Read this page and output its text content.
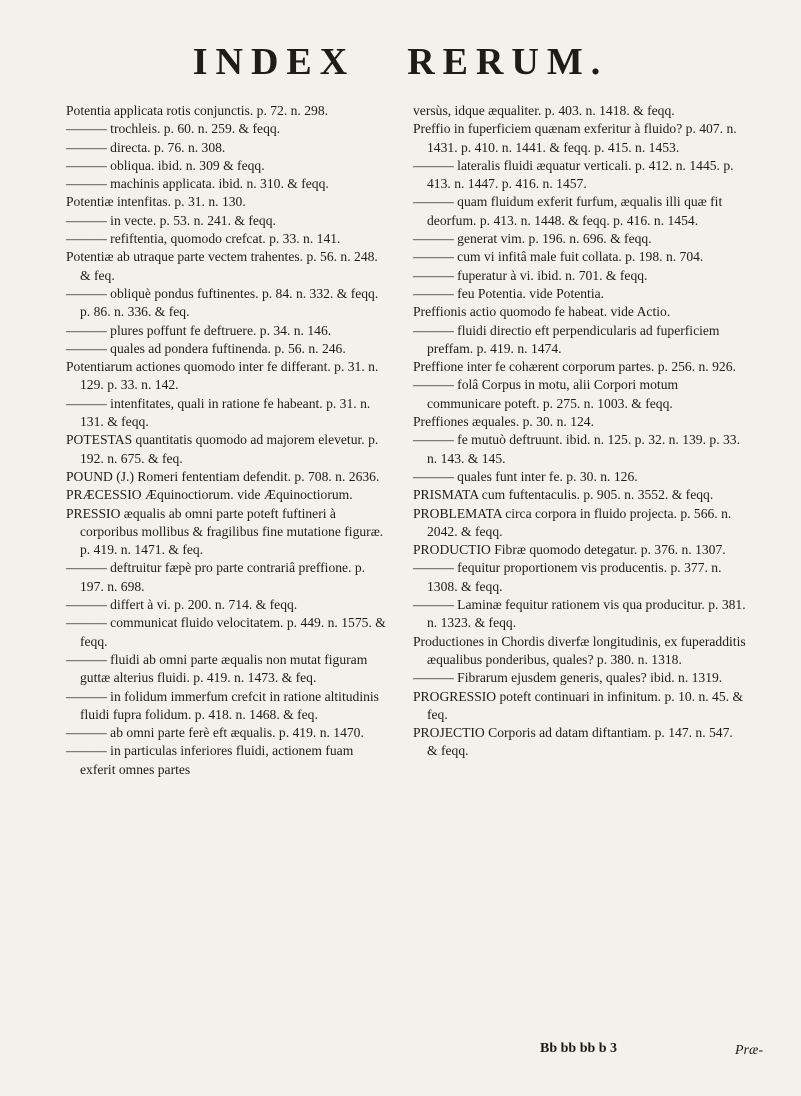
INDEX RERUM.

Potentia applicata rotis conjunctis. p. 72. n. 298.

——— trochleis. p. 60. n. 259. & feqq.

——— directa. p. 76. n. 308.

——— obliqua. ibid. n. 309 & feqq.

——— machinis applicata. ibid. n. 310. & feqq.

Potentiæ intenfitas. p. 31. n. 130.

——— in vecte. p. 53. n. 241. & feqq.

——— refiftentia, quomodo crefcat. p. 33. n. 141.

Potentiæ ab utraque parte vectem trahentes. p. 56. n. 248. & feq.

——— obliquè pondus fuftinentes. p. 84. n. 332. & feqq. p. 86. n. 336. & feq.

——— plures poffunt fe deftruere. p. 34. n. 146.

——— quales ad pondera fuftinenda. p. 56. n. 246.

Potentiarum actiones quomodo inter fe differant. p. 31. n. 129. p. 33. n. 142.

——— intenfitates, quali in ratione fe habeant. p. 31. n. 131. & feqq.

POTESTAS quantitatis quomodo ad majorem elevetur. p. 192. n. 675. & feq.

POUND (J.) Romeri fententiam defendit. p. 708. n. 2636.

PRÆCESSIO Æquinoctiorum. vide Æquinoctiorum.

PRESSIO æqualis ab omni parte poteft fuftineri à corporibus mollibus & fragilibus fine mutatione figuræ. p. 419. n. 1471. & feq.

——— deftruitur fæpè pro parte contrariâ preffione. p. 197. n. 698.

——— differt à vi. p. 200. n. 714. & feqq.

——— communicat fluido velocitatem. p. 449. n. 1575. & feqq.

——— fluidi ab omni parte æqualis non mutat figuram guttæ alterius fluidi. p. 419. n. 1473. & feq.

——— in folidum immerfum crefcit in ratione altitudinis fluidi fupra folidum. p. 418. n. 1468. & feq.

——— ab omni parte ferè eft æqualis. p. 419. n. 1470.

——— in particulas inferiores fluidi, actionem fuam exferit omnes partes

versùs, idque æqualiter. p. 403. n. 1418. & feqq.

Preffio in fuperficiem quænam exferitur à fluido? p. 407. n. 1431. p. 410. n. 1441. & feqq. p. 415. n. 1453.

——— lateralis fluidi æquatur verticali. p. 412. n. 1445. p. 413. n. 1447. p. 416. n. 1457.

——— quam fluidum exferit furfum, æqualis illi quæ fit deorfum. p. 413. n. 1448. & feqq. p. 416. n. 1454.

——— generat vim. p. 196. n. 696. & feqq.

——— cum vi infitâ male fuit collata. p. 198. n. 704.

——— fuperatur à vi. ibid. n. 701. & feqq.

——— feu Potentia. vide Potentia.

Preffionis actio quomodo fe habeat. vide Actio.

——— fluidi directio eft perpendicularis ad fuperficiem preffam. p. 419. n. 1474.

Preffione inter fe cohærent corporum partes. p. 256. n. 926.

——— folâ Corpus in motu, alii Corpori motum communicare poteft. p. 275. n. 1003. & feqq.

Preffiones æquales. p. 30. n. 124.

——— fe mutuò deftruunt. ibid. n. 125. p. 32. n. 139. p. 33. n. 143. & 145.

——— quales funt inter fe. p. 30. n. 126.

PRISMATA cum fuftentaculis. p. 905. n. 3552. & feqq.

PROBLEMATA circa corpora in fluido projecta. p. 566. n. 2042. & feqq.

PRODUCTIO Fibræ quomodo detegatur. p. 376. n. 1307.

——— fequitur proportionem vis producentis. p. 377. n. 1308. & feqq.

——— Laminæ fequitur rationem vis qua producitur. p. 381. n. 1323. & feqq.

Productiones in Chordis diverfæ longitudinis, ex fuperadditis æqualibus ponderibus, quales? p. 380. n. 1318.

——— Fibrarum ejusdem generis, quales? ibid. n. 1319.

PROGRESSIO poteft continuari in infinitum. p. 10. n. 45. & feq.

PROJECTIO Corporis ad datam diftantiam. p. 147. n. 547. & feqq.

Bb bb bb b 3	Præ-
